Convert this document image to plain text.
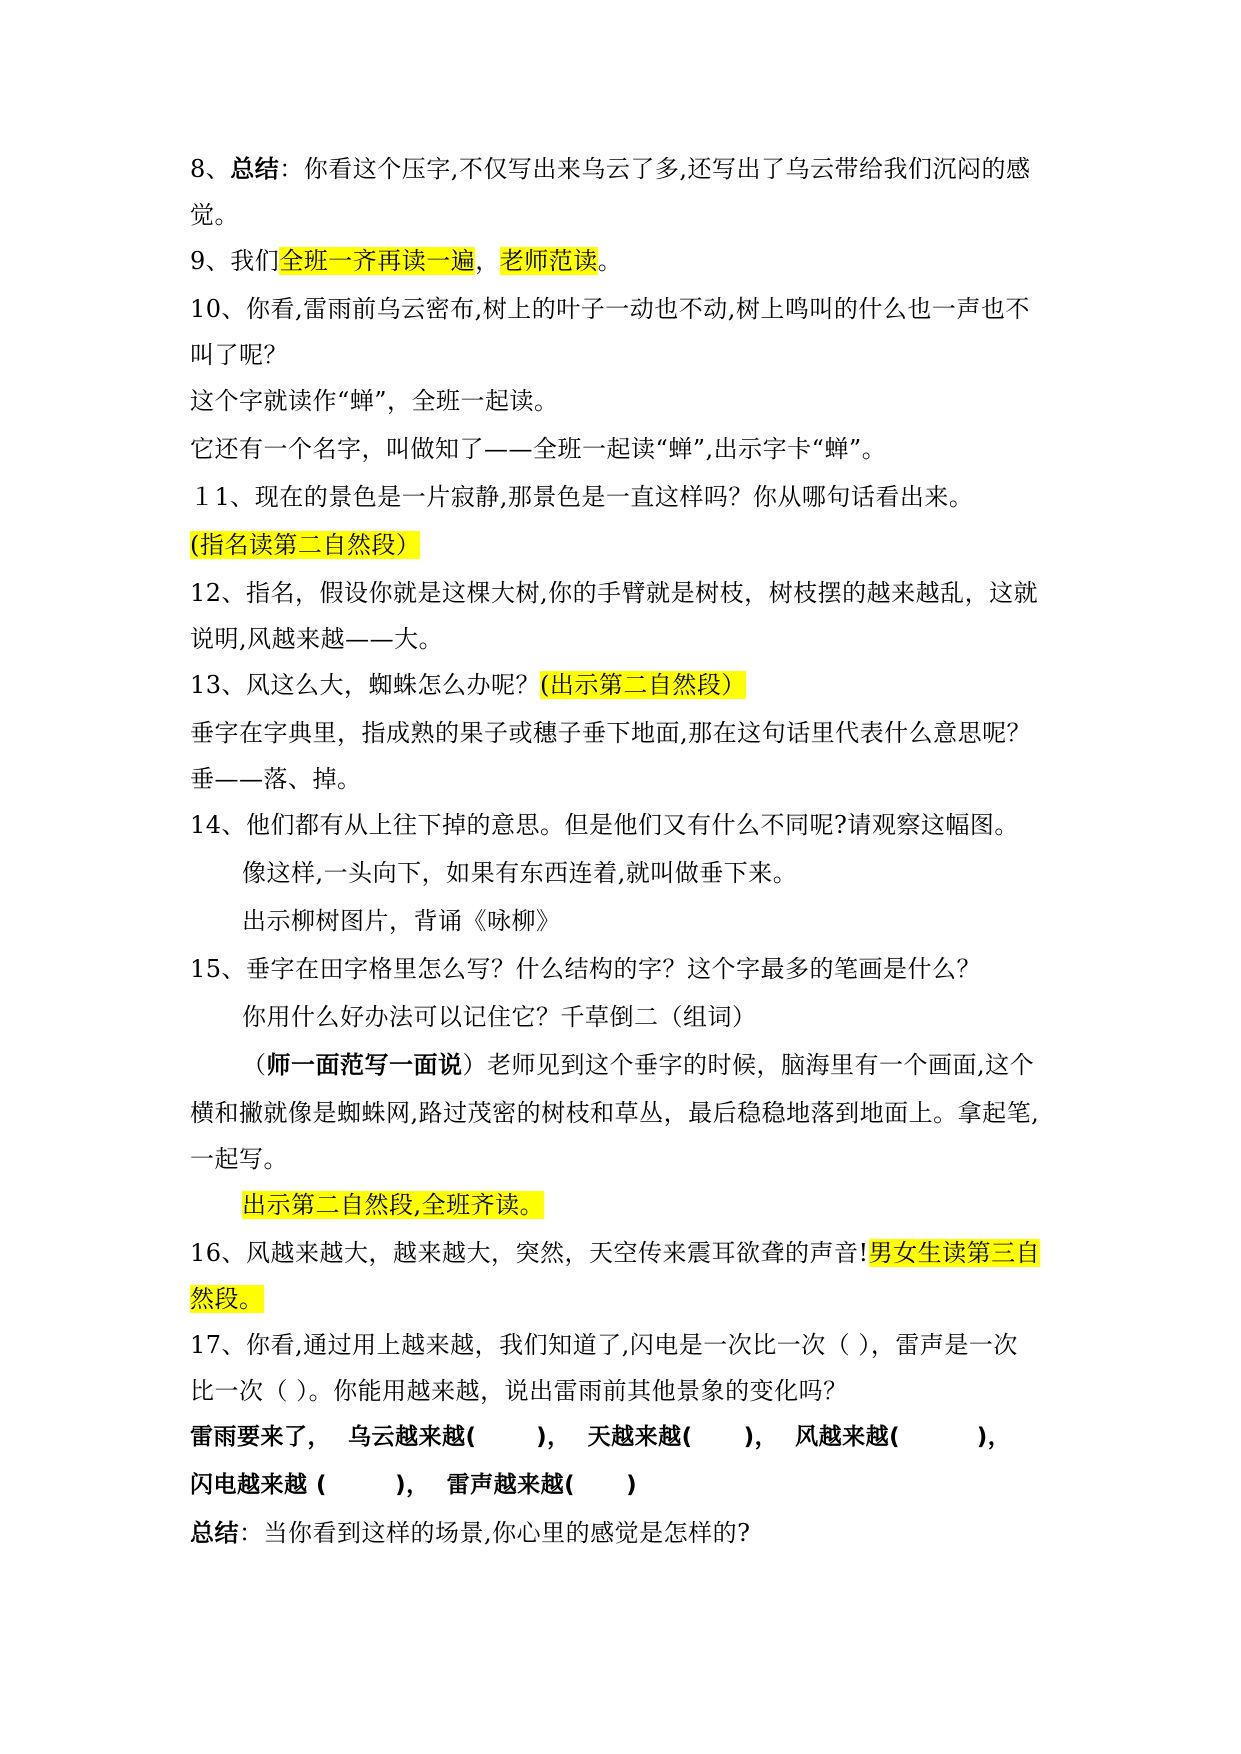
8、总结：你看这个压字,不仅写出来乌云了多,还写出了乌云带给我们沉闷的感
觉。
9、我们全班一齐再读一遍，老师范读。
10、你看,雷雨前乌云密布,树上的叶子一动也不动,树上鸣叫的什么也一声也不
叫了呢？
这个字就读作“蝉”，全班一起读。
它还有一个名字，叫做知了——全班一起读“蝉”,出示字卡“蝉”。
１1、现在的景色是一片寂静,那景色是一直这样吗？你从哪句话看出来。
(指名读第二自然段）
12、指名，假设你就是这棵大树,你的手臂就是树枝，树枝摆的越来越乱，这就
说明,风越来越——大。
13、风这么大，蜘蛛怎么办呢？(出示第二自然段）
垂字在字典里，指成熟的果子或穗子垂下地面,那在这句话里代表什么意思呢？
垂——落、掉。
14、他们都有从上往下掉的意思。但是他们又有什么不同呢?请观察这幅图。
像这样,一头向下，如果有东西连着,就叫做垂下来。
出示柳树图片，背诵《咏柳》
15、垂字在田字格里怎么写？什么结构的字？这个字最多的笔画是什么？
你用什么好办法可以记住它？千草倒二（组词）
（师一面范写一面说）老师见到这个垂字的时候，脑海里有一个画面,这个
横和撇就像是蜘蛛网,路过茂密的树枝和草丛，最后稳稳地落到地面上。拿起笔,
一起写。
出示第二自然段,全班齐读。
16、风越来越大，越来越大，突然，天空传来震耳欲聋的声音!男女生读第三自
然段。
17、你看,通过用上越来越，我们知道了,闪电是一次比一次（ ），雷声是一次
比一次（ ）。你能用越来越，说出雷雨前其他景象的变化吗？
雷雨要来了，  乌云越来越(       )，  天越来越(      )，  风越来越(         )，
闪电越来越 (        )，  雷声越来越(      )
总结：当你看到这样的场景,你心里的感觉是怎样的?
